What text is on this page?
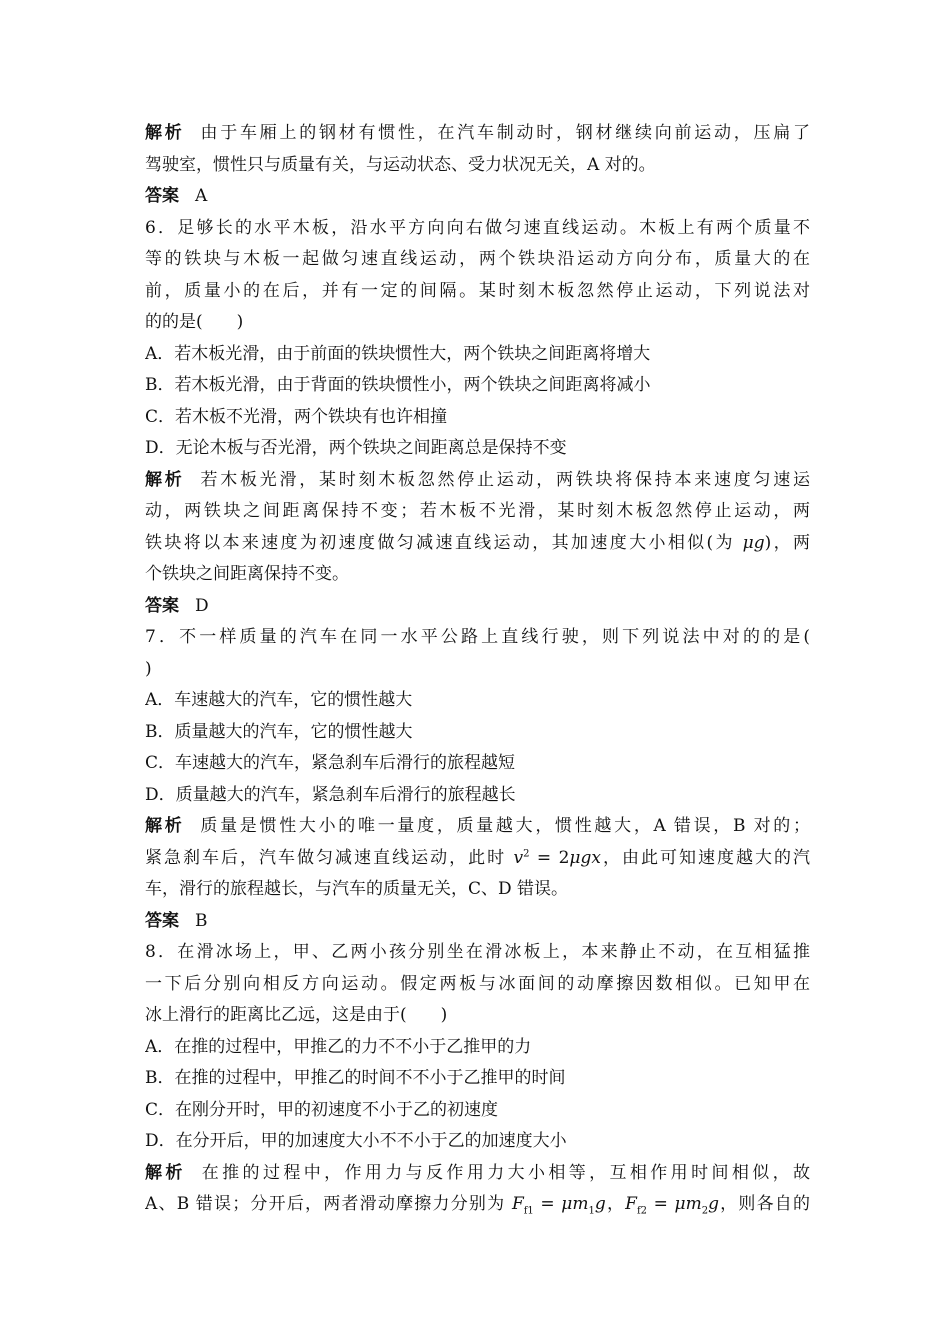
解析 由于车厢上的钢材有惯性，在汽车制动时，钢材继续向前运动，压扁了
驾驶室，惯性只与质量有关，与运动状态、受力状况无关，A 对的。
答案 A
6．足够长的水平木板，沿水平方向向右做匀速直线运动。木板上有两个质量不
等的铁块与木板一起做匀速直线运动，两个铁块沿运动方向分布，质量大的在
前，质量小的在后，并有一定的间隔。某时刻木板忽然停止运动，下列说法对
的的是(　　)
A．若木板光滑，由于前面的铁块惯性大，两个铁块之间距离将增大
B．若木板光滑，由于背面的铁块惯性小，两个铁块之间距离将减小
C．若木板不光滑，两个铁块有也许相撞
D．无论木板与否光滑，两个铁块之间距离总是保持不变
解析 若木板光滑，某时刻木板忽然停止运动，两铁块将保持本来速度匀速运
动，两铁块之间距离保持不变；若木板不光滑，某时刻木板忽然停止运动，两
铁块将以本来速度为初速度做匀减速直线运动，其加速度大小相似(为 μg)，两
个铁块之间距离保持不变。
答案 D
7．不一样质量的汽车在同一水平公路上直线行驶，则下列说法中对的的是(
)
A．车速越大的汽车，它的惯性越大
B．质量越大的汽车，它的惯性越大
C．车速越大的汽车，紧急刹车后滑行的旅程越短
D．质量越大的汽车，紧急刹车后滑行的旅程越长
解析 质量是惯性大小的唯一量度，质量越大，惯性越大，A 错误，B 对的；
紧急刹车后，汽车做匀减速直线运动，此时 $v^2 = 2\mu gx$，由此可知速度越大的汽
车，滑行的旅程越长，与汽车的质量无关，C、D 错误。
答案 B
8．在滑冰场上，甲、乙两小孩分别坐在滑冰板上，本来静止不动，在互相猛推
一下后分别向相反方向运动。假定两板与冰面间的动摩擦因数相似。已知甲在
冰上滑行的距离比乙远，这是由于(　　)
A．在推的过程中，甲推乙的力不不小于乙推甲的力
B．在推的过程中，甲推乙的时间不不小于乙推甲的时间
C．在刚分开时，甲的初速度不小于乙的初速度
D．在分开后，甲的加速度大小不不小于乙的加速度大小
解析 在推的过程中，作用力与反作用力大小相等，互相作用时间相似，故
A、B 错误；分开后，两者滑动摩擦力分别为 $F_{f1} = \mu m_1g$，$F_{f2} = \mu m_2g$，则各自的
